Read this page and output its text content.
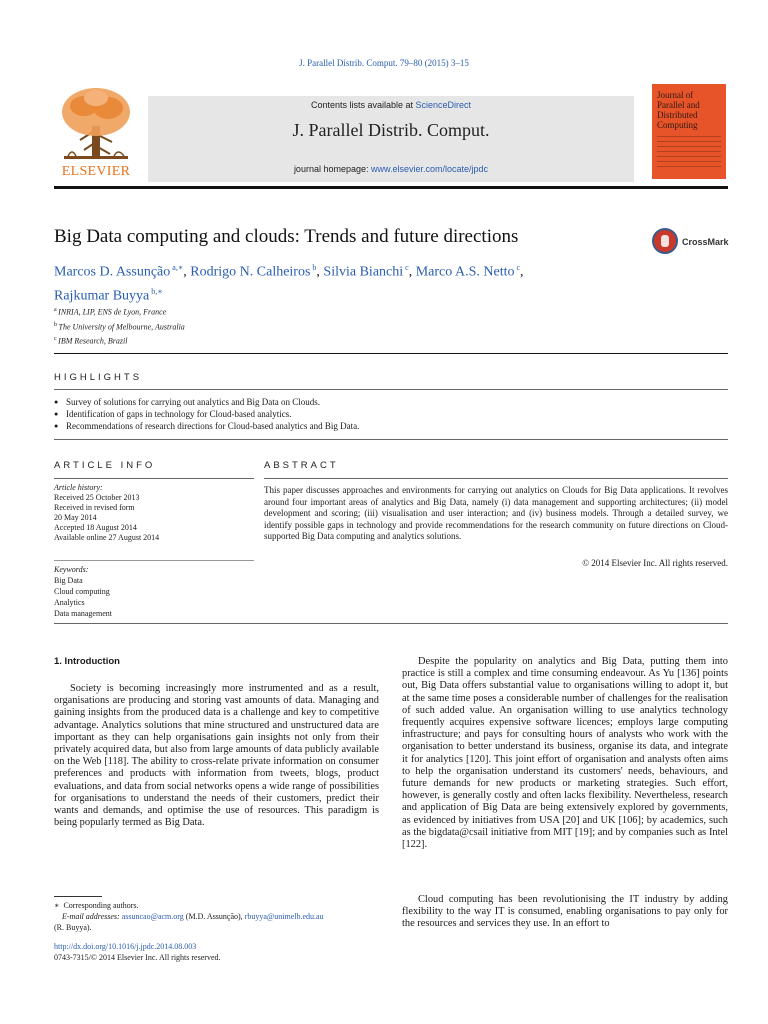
J. Parallel Distrib. Comput. 79–80 (2015) 3–15
ELSEVIER
Contents lists available at ScienceDirect
J. Parallel Distrib. Comput.
journal homepage: www.elsevier.com/locate/jpdc
Journal of Parallel and Distributed Computing
Big Data computing and clouds: Trends and future directions	CrossMark
Marcos D. Assunção $^{a,∗}$, Rodrigo N. Calheiros $^b$, Silvia Bianchi $^c$, Marco A.S. Netto $^c$,
Rajkumar Buyya $^{b,∗}$
$^a$ INRIA, LIP, ENS de Lyon, France
$^b$ The University of Melbourne, Australia
$^c$ IBM Research, Brazil
HIGHLIGHTS
● Survey of solutions for carrying out analytics and Big Data on Clouds.
● Identification of gaps in technology for Cloud-based analytics.
● Recommendations of research directions for Cloud-based analytics and Big Data.
ARTICLE INFO
Article history:
Received 25 October 2013
Received in revised form
20 May 2014
Accepted 18 August 2014
Available online 27 August 2014
Keywords:
Big Data
Cloud computing
Analytics
Data management
ABSTRACT
This paper discusses approaches and environments for carrying out analytics on Clouds for Big Data applications. It revolves around four important areas of analytics and Big Data, namely (i) data management and supporting architectures; (ii) model development and scoring; (iii) visualisation and user interaction; and (iv) business models. Through a detailed survey, we identify possible gaps in technology and provide recommendations for the research community on future directions on Cloud-supported Big Data computing and analytics solutions.
© 2014 Elsevier Inc. All rights reserved.
1. Introduction
Society is becoming increasingly more instrumented and as a result, organisations are producing and storing vast amounts of data. Managing and gaining insights from the produced data is a challenge and key to competitive advantage. Analytics solutions that mine structured and unstructured data are important as they can help organisations gain insights not only from their privately acquired data, but also from large amounts of data publicly available on the Web [118]. The ability to cross-relate private information on consumer preferences and products with information from tweets, blogs, product evaluations, and data from social networks opens a wide range of possibilities for organisations to understand the needs of their customers, predict their wants and demands, and optimise the use of resources. This paradigm is being popularly termed as Big Data.
Despite the popularity on analytics and Big Data, putting them into practice is still a complex and time consuming endeavour. As Yu [136] points out, Big Data offers substantial value to organisations willing to adopt it, but at the same time poses a considerable number of challenges for the realisation of such added value. An organisation willing to use analytics technology frequently acquires expensive software licences; employs large computing infrastructure; and pays for consulting hours of analysts who work with the organisation to better understand its business, organise its data, and integrate it for analytics [120]. This joint effort of organisation and analysts often aims to help the organisation understand its customers' needs, behaviours, and future demands for new products or marketing strategies. Such effort, however, is generally costly and often lacks flexibility. Nevertheless, research and application of Big Data are being extensively explored by governments, as evidenced by initiatives from USA [20] and UK [106]; by academics, such as the bigdata@csail initiative from MIT [19]; and by companies such as Intel [122].
Cloud computing has been revolutionising the IT industry by adding flexibility to the way IT is consumed, enabling organisations to pay only for the resources and services they use. In an effort to
∗ Corresponding authors.
E-mail addresses: assuncao@acm.org (M.D. Assunção), rbuyya@unimelb.edu.au
(R. Buyya).
http://dx.doi.org/10.1016/j.jpdc.2014.08.003
0743-7315/© 2014 Elsevier Inc. All rights reserved.
